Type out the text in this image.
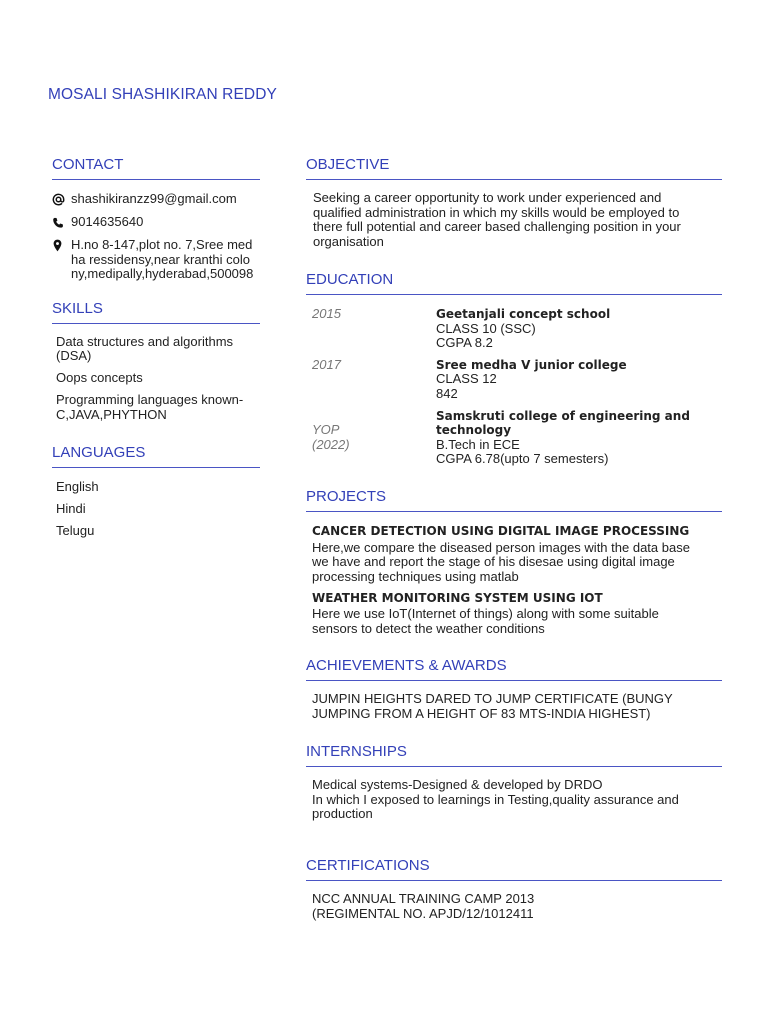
MOSALI SHASHIKIRAN REDDY
CONTACT
shashikiranzz99@gmail.com
9014635640
H.no 8-147,plot no. 7,Sree med
ha ressidensy,near kranthi colo
ny,medipally,hyderabad,500098
SKILLS
Data structures and algorithms
(DSA)
Oops concepts
Programming languages known-
C,JAVA,PHYTHON
LANGUAGES
English
Hindi
Telugu
OBJECTIVE
Seeking a career opportunity to work under experienced and
qualified administration in which my skills would be employed to
there full potential and career based challenging position in your
organisation
EDUCATION
2015	Geetanjali concept school
CLASS 10 (SSC)
CGPA 8.2
2017	Sree medha V junior college
CLASS 12
842
YOP
(2022)
Samskruti college of engineering and
technology
B.Tech in ECE
CGPA 6.78(upto 7 semesters)
PROJECTS
CANCER DETECTION USING DIGITAL IMAGE PROCESSING
Here,we compare the diseased person images with the data base
we have and report the stage of his disesae using digital image
processing techniques using matlab
WEATHER MONITORING SYSTEM USING IOT
Here we use IoT(Internet of things) along with some suitable
sensors to detect the weather conditions
ACHIEVEMENTS & AWARDS
JUMPIN HEIGHTS DARED TO JUMP CERTIFICATE (BUNGY
JUMPING FROM A HEIGHT OF 83 MTS-INDIA HIGHEST)
INTERNSHIPS
Medical systems-Designed & developed by DRDO
In which I exposed to learnings in Testing,quality assurance and
production
CERTIFICATIONS
NCC ANNUAL TRAINING CAMP 2013
(REGIMENTAL NO. APJD/12/1012411
